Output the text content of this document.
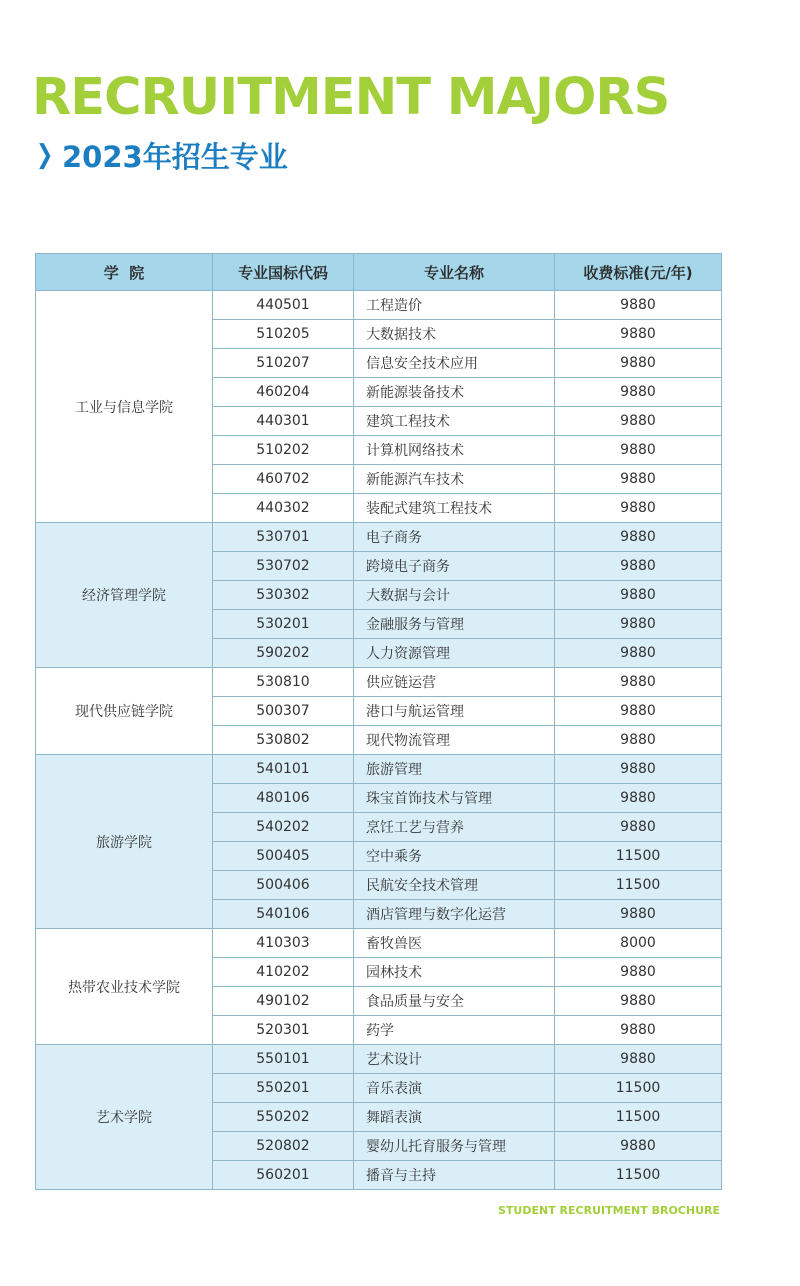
RECRUITMENT MAJORS
❯ 2023年招生专业
学  院	专业国标代码	专业名称	收费标准(元/年)
工业与信息学院	440501	工程造价	9880
	510205	大数据技术	9880
	510207	信息安全技术应用	9880
	460204	新能源装备技术	9880
	440301	建筑工程技术	9880
	510202	计算机网络技术	9880
	460702	新能源汽车技术	9880
	440302	装配式建筑工程技术	9880
经济管理学院	530701	电子商务	9880
	530702	跨境电子商务	9880
	530302	大数据与会计	9880
	530201	金融服务与管理	9880
	590202	人力资源管理	9880
现代供应链学院	530810	供应链运营	9880
	500307	港口与航运管理	9880
	530802	现代物流管理	9880
旅游学院	540101	旅游管理	9880
	480106	珠宝首饰技术与管理	9880
	540202	烹饪工艺与营养	9880
	500405	空中乘务	11500
	500406	民航安全技术管理	11500
	540106	酒店管理与数字化运营	9880
热带农业技术学院	410303	畜牧兽医	8000
	410202	园林技术	9880
	490102	食品质量与安全	9880
	520301	药学	9880
艺术学院	550101	艺术设计	9880
	550201	音乐表演	11500
	550202	舞蹈表演	11500
	520802	婴幼儿托育服务与管理	9880
	560201	播音与主持	11500
STUDENT RECRUITMENT BROCHURE
